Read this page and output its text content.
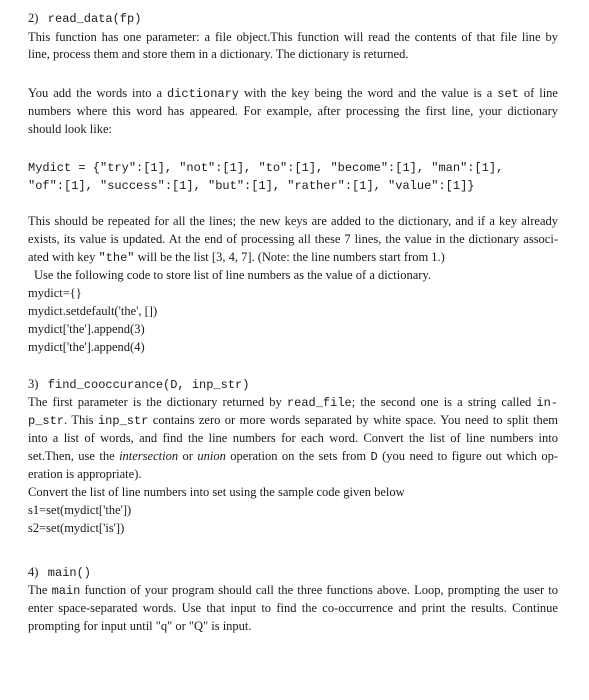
2) read_data(fp)
This function has one parameter: a file object.This function will read the contents of that file line by
line, process them and store them in a dictionary. The dictionary is returned.
You add the words into a dictionary with the key being the word and the value is a set of line
numbers where this word has appeared. For example, after processing the first line, your dictionary
should look like:
Mydict = {"try":[1], "not":[1], "to":[1], "become":[1], "man":[1],
"of":[1], "success":[1], "but":[1], "rather":[1], "value":[1]}
This should be repeated for all the lines; the new keys are added to the dictionary, and if a key already
exists, its value is updated. At the end of processing all these 7 lines, the value in the dictionary associ-
ated with key "the" will be the list [3, 4, 7]. (Note: the line numbers start from 1.)
Use the following code to store list of line numbers as the value of a dictionary.
mydict={}
mydict.setdefault('the', [])
mydict['the'].append(3)
mydict['the'].append(4)
3) find_cooccurance(D, inp_str)
The first parameter is the dictionary returned by read_file; the second one is a string called in-
p_str. This inp_str contains zero or more words separated by white space. You need to split them
into a list of words, and find the line numbers for each word. Convert the list of line numbers into
set.Then, use the intersection or union operation on the sets from D (you need to figure out which op-
eration is appropriate).
Convert the list of line numbers into set using the sample code given below
s1=set(mydict['the'])
s2=set(mydict['is'])
4) main()
The main function of your program should call the three functions above. Loop, prompting the user to
enter space-separated words. Use that input to find the co-occurrence and print the results. Continue
prompting for input until "q" or "Q" is input.
